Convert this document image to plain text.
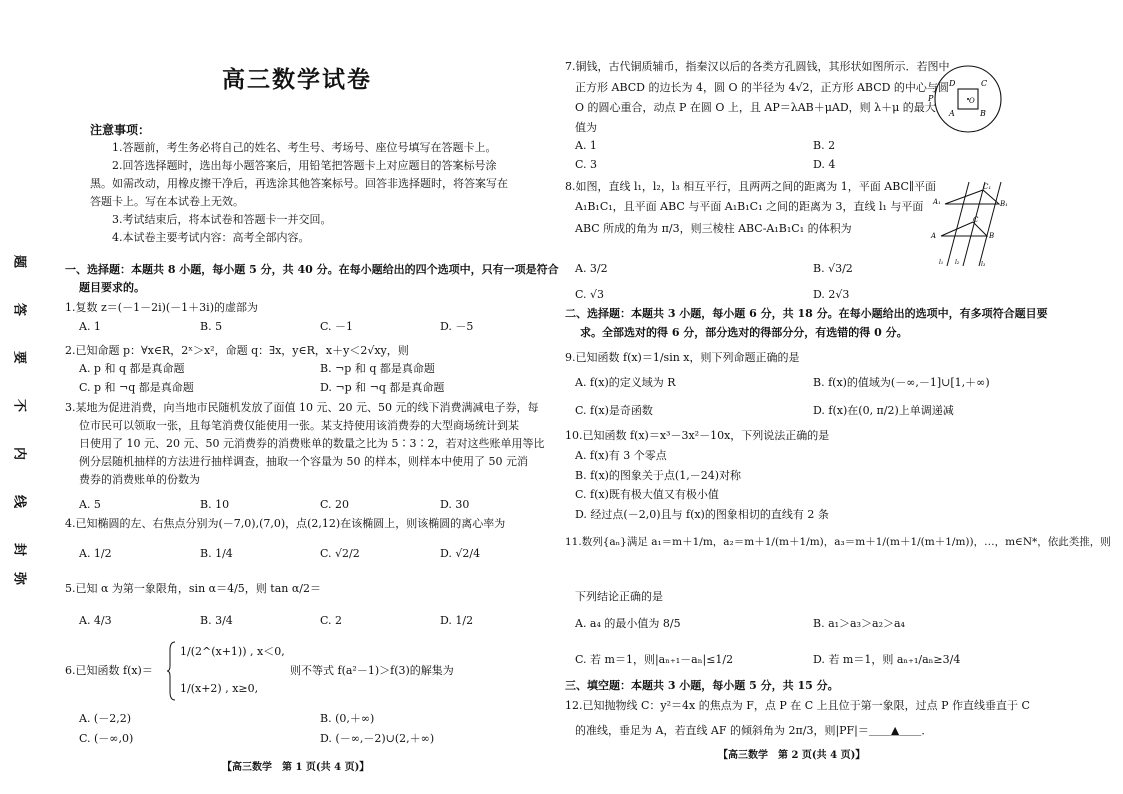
题
答
要
不
内
线
封
弥
高三数学试卷
注意事项：
1.答题前，考生务必将自己的姓名、考生号、考场号、座位号填写在答题卡上。
2.回答选择题时，选出每小题答案后，用铅笔把答题卡上对应题目的答案标号涂
黑。如需改动，用橡皮擦干净后，再选涂其他答案标号。回答非选择题时，将答案写在
答题卡上。写在本试卷上无效。
3.考试结束后，将本试卷和答题卡一并交回。
4.本试卷主要考试内容：高考全部内容。
一、选择题：本题共 8 小题，每小题 5 分，共 40 分。在每小题给出的四个选项中，只有一项是符合
题目要求的。
1.复数 z＝(－1－2i)(－1＋3i)的虚部为
A. 1	B. 5	C. －1	D. －5
2.已知命题 p：∀x∈R，2ˣ＞x²，命题 q：∃x，y∈R，x＋y＜2√xy，则
A. p 和 q 都是真命题	B. ¬p 和 q 都是真命题
C. p 和 ¬q 都是真命题	D. ¬p 和 ¬q 都是真命题
3.某地为促进消费，向当地市民随机发放了面值 10 元、20 元、50 元的线下消费满减电子券，每
位市民可以领取一张，且每笔消费仅能使用一张。某支持使用该消费券的大型商场统计到某
日使用了 10 元、20 元、50 元消费券的消费账单的数量之比为 5∶3∶2，若对这些账单用等比
例分层随机抽样的方法进行抽样调查，抽取一个容量为 50 的样本，则样本中使用了 50 元消
费券的消费账单的份数为
A. 5	B. 10	C. 20	D. 30
4.已知椭圆的左、右焦点分别为(－7,0),(7,0)，点(2,12)在该椭圆上，则该椭圆的离心率为
A. 1/2	B. 1/4	C. √2/2	D. √2/4
5.已知 α 为第一象限角，sin α＝4/5，则 tan α/2＝
A. 4/3	B. 3/4	C. 2	D. 1/2
6.已知函数 f(x)＝
1/(2^(x+1)) , x＜0,
1/(x+2) , x≥0,
则不等式 f(a²－1)＞f(3)的解集为
A. (－2,2)	B. (0,＋∞)
C. (－∞,0)	D. (－∞,－2)∪(2,＋∞)
【高三数学　第 1 页(共 4 页)】
7.铜钱，古代铜质辅币，指秦汉以后的各类方孔圆钱，其形状如图所示．若图中
正方形 ABCD 的边长为 4，圆 O 的半径为 4√2，正方形 ABCD 的中心与圆
O 的圆心重合，动点 P 在圆 O 上，且 AP＝λAB＋μAD，则 λ＋μ 的最大
值为
A. 1	B. 2
C. 3	D. 4
D	C
A	B
P	O
8.如图，直线 l₁，l₂，l₃ 相互平行，且两两之间的距离为 1，平面 ABC∥平面
A₁B₁C₁，且平面 ABC 与平面 A₁B₁C₁ 之间的距离为 3，直线 l₁ 与平面
ABC 所成的角为 π/3，则三棱柱 ABC-A₁B₁C₁ 的体积为
A. 3/2	B. √3/2
C. √3	D. 2√3
C₁
A₁	B₁
C
A	B
l₁ l₂	l₃
二、选择题：本题共 3 小题，每小题 6 分，共 18 分。在每小题给出的选项中，有多项符合题目要
求。全部选对的得 6 分，部分选对的得部分分，有选错的得 0 分。
9.已知函数 f(x)＝1/sin x，则下列命题正确的是
A. f(x)的定义域为 R	B. f(x)的值域为(－∞,－1]∪[1,＋∞)
C. f(x)是奇函数	D. f(x)在(0, π/2)上单调递减
10.已知函数 f(x)＝x³－3x²－10x，下列说法正确的是
A. f(x)有 3 个零点
B. f(x)的图象关于点(1,－24)对称
C. f(x)既有极大值又有极小值
D. 经过点(－2,0)且与 f(x)的图象相切的直线有 2 条
11.数列{aₙ}满足 a₁＝m＋1/m，a₂＝m＋1/(m＋1/m)，a₃＝m＋1/(m＋1/(m＋1/m))，…，m∈N*，依此类推，则
下列结论正确的是
A. a₄ 的最小值为 8/5	B. a₁＞a₃＞a₂＞a₄
C. 若 m＝1，则|aₙ₊₁－aₙ|≤1/2	D. 若 m＝1，则 aₙ₊₁/aₙ≥3/4
三、填空题：本题共 3 小题，每小题 5 分，共 15 分。
12.已知抛物线 C：y²＝4x 的焦点为 F，点 P 在 C 上且位于第一象限，过点 P 作直线垂直于 C
的准线，垂足为 A，若直线 AF 的倾斜角为 2π/3，则|PF|＝＿＿▲＿＿．
【高三数学　第 2 页(共 4 页)】
